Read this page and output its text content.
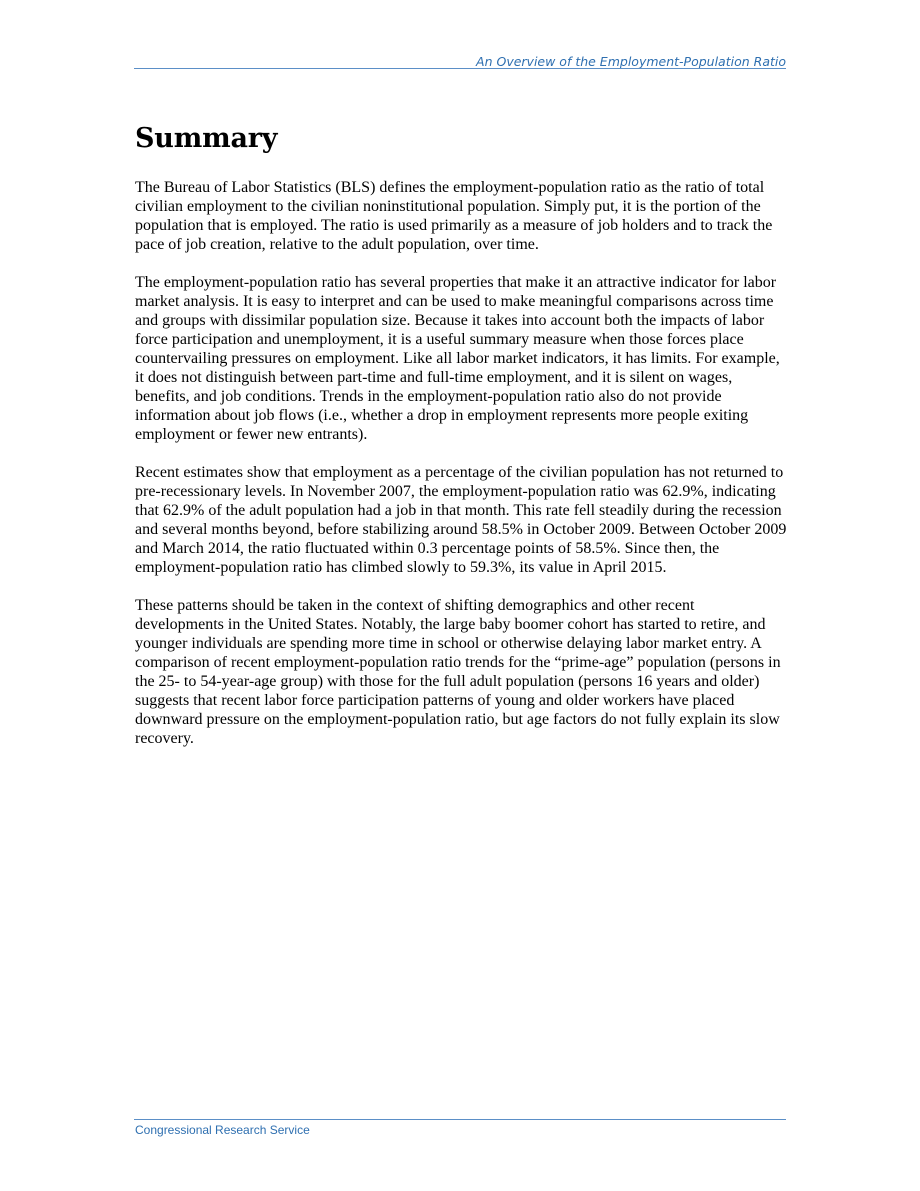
An Overview of the Employment-Population Ratio
Summary

The Bureau of Labor Statistics (BLS) defines the employment-population ratio as the ratio of total civilian employment to the civilian noninstitutional population. Simply put, it is the portion of the population that is employed. The ratio is used primarily as a measure of job holders and to track the pace of job creation, relative to the adult population, over time.

The employment-population ratio has several properties that make it an attractive indicator for labor market analysis. It is easy to interpret and can be used to make meaningful comparisons across time and groups with dissimilar population size. Because it takes into account both the impacts of labor force participation and unemployment, it is a useful summary measure when those forces place countervailing pressures on employment. Like all labor market indicators, it has limits. For example, it does not distinguish between part-time and full-time employment, and it is silent on wages, benefits, and job conditions. Trends in the employment-population ratio also do not provide information about job flows (i.e., whether a drop in employment represents more people exiting employment or fewer new entrants).

Recent estimates show that employment as a percentage of the civilian population has not returned to pre-recessionary levels. In November 2007, the employment-population ratio was 62.9%, indicating that 62.9% of the adult population had a job in that month. This rate fell steadily during the recession and several months beyond, before stabilizing around 58.5% in October 2009. Between October 2009 and March 2014, the ratio fluctuated within 0.3 percentage points of 58.5%. Since then, the employment-population ratio has climbed slowly to 59.3%, its value in April 2015.

These patterns should be taken in the context of shifting demographics and other recent developments in the United States. Notably, the large baby boomer cohort has started to retire, and younger individuals are spending more time in school or otherwise delaying labor market entry. A comparison of recent employment-population ratio trends for the “prime-age” population (persons in the 25- to 54-year-age group) with those for the full adult population (persons 16 years and older) suggests that recent labor force participation patterns of young and older workers have placed downward pressure on the employment-population ratio, but age factors do not fully explain its slow recovery.

Congressional Research Service
